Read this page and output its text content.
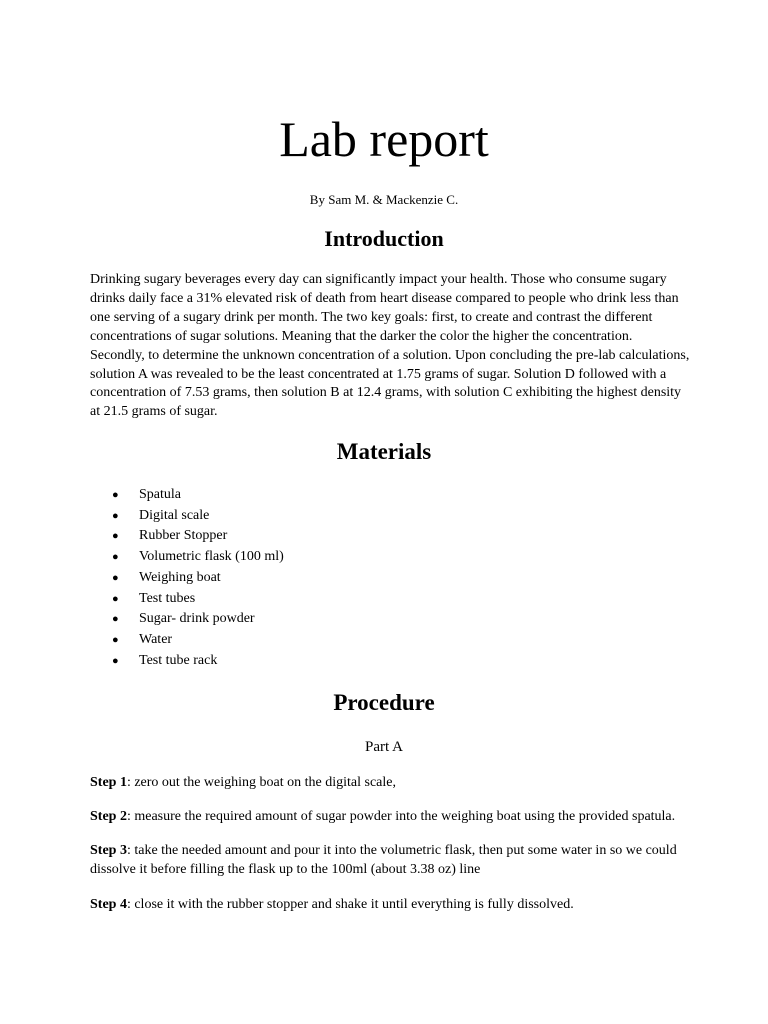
Lab report

By Sam M. & Mackenzie C.

Introduction

Drinking sugary beverages every day can significantly impact your health. Those who consume sugary drinks daily face a 31% elevated risk of death from heart disease compared to people who drink less than one serving of a sugary drink per month. The two key goals: first, to create and contrast the different concentrations of sugar solutions. Meaning that the darker the color the higher the concentration. Secondly, to determine the unknown concentration of a solution. Upon concluding the pre-lab calculations, solution A was revealed to be the least concentrated at 1.75 grams of sugar. Solution D followed with a concentration of 7.53 grams, then solution B at 12.4 grams, with solution C exhibiting the highest density at 21.5 grams of sugar.

Materials
● Spatula
● Digital scale
● Rubber Stopper
● Volumetric flask (100 ml)
● Weighing boat
● Test tubes
● Sugar- drink powder
● Water
● Test tube rack
Procedure

Part A

Step 1: zero out the weighing boat on the digital scale,

Step 2: measure the required amount of sugar powder into the weighing boat using the provided spatula.

Step 3: take the needed amount and pour it into the volumetric flask, then put some water in so we could dissolve it before filling the flask up to the 100ml (about 3.38 oz) line

Step 4: close it with the rubber stopper and shake it until everything is fully dissolved.
